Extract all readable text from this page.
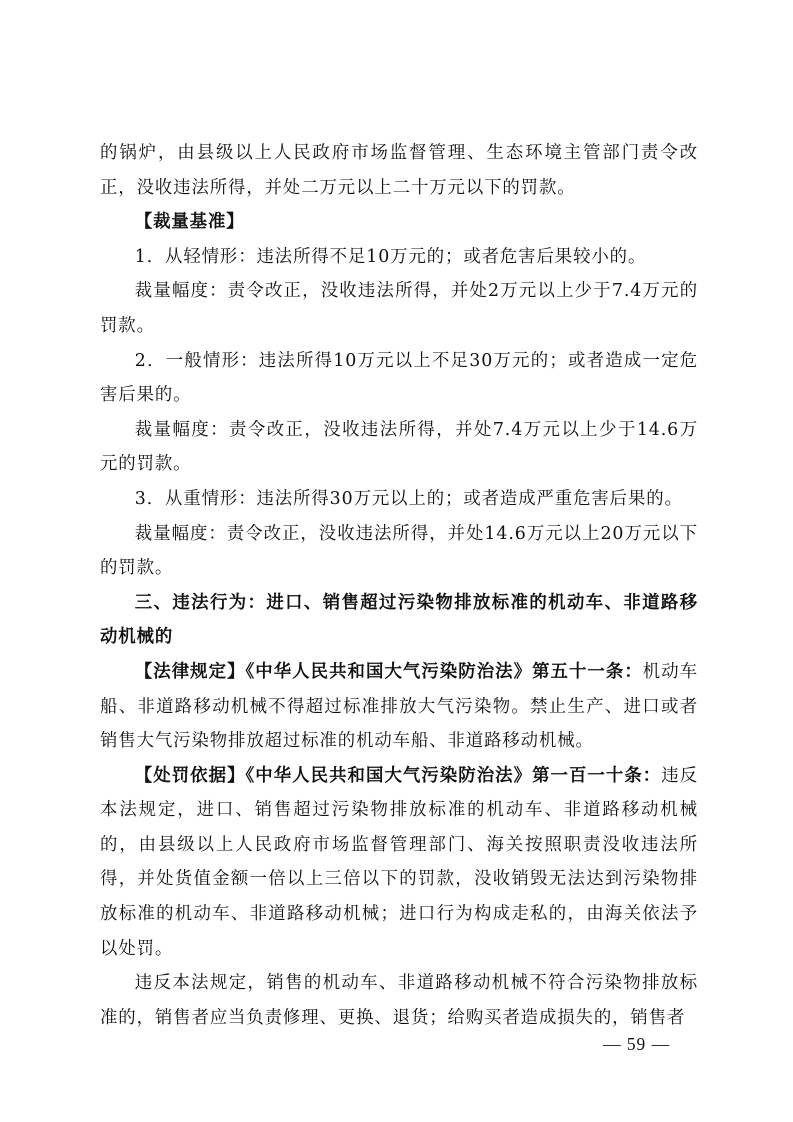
的锅炉，由县级以上人民政府市场监督管理、生态环境主管部门责令改正，没收违法所得，并处二万元以上二十万元以下的罚款。

【裁量基准】

1．从轻情形：违法所得不足10万元的；或者危害后果较小的。

裁量幅度：责令改正，没收违法所得，并处2万元以上少于7.4万元的罚款。

2．一般情形：违法所得10万元以上不足30万元的；或者造成一定危害后果的。

裁量幅度：责令改正，没收违法所得，并处7.4万元以上少于14.6万元的罚款。

3．从重情形：违法所得30万元以上的；或者造成严重危害后果的。

裁量幅度：责令改正，没收违法所得，并处14.6万元以上20万元以下的罚款。

三、违法行为：进口、销售超过污染物排放标准的机动车、非道路移动机械的

【法律规定】《中华人民共和国大气污染防治法》第五十一条：机动车船、非道路移动机械不得超过标准排放大气污染物。禁止生产、进口或者销售大气污染物排放超过标准的机动车船、非道路移动机械。

【处罚依据】《中华人民共和国大气污染防治法》第一百一十条：违反本法规定，进口、销售超过污染物排放标准的机动车、非道路移动机械的，由县级以上人民政府市场监督管理部门、海关按照职责没收违法所得，并处货值金额一倍以上三倍以下的罚款，没收销毁无法达到污染物排放标准的机动车、非道路移动机械；进口行为构成走私的，由海关依法予以处罚。

违反本法规定，销售的机动车、非道路移动机械不符合污染物排放标准的，销售者应当负责修理、更换、退货；给购买者造成损失的，销售者

— 59 —
